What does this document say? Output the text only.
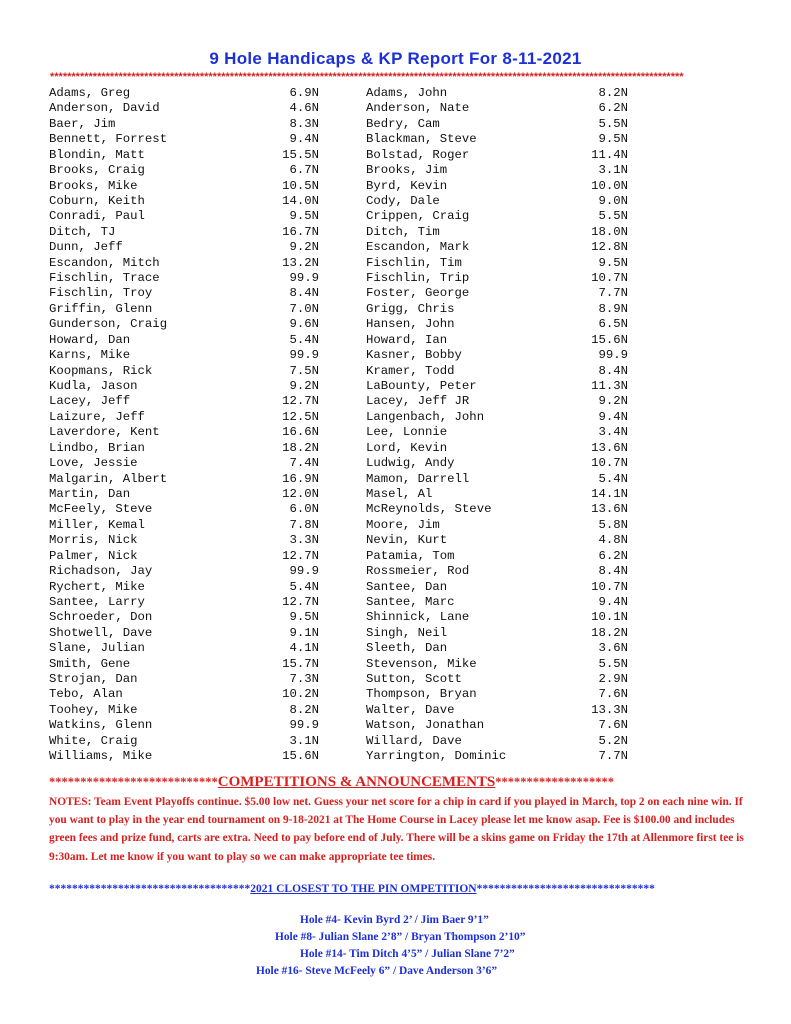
9 Hole Handicaps & KP Report For 8-11-2021
****************************************************************************************************************************************************
Adams, Greg	6.9N
Anderson, David	4.6N
Baer, Jim	8.3N
Bennett, Forrest	9.4N
Blondin, Matt	15.5N
Brooks, Craig	6.7N
Brooks, Mike	10.5N
Coburn, Keith	14.0N
Conradi, Paul	9.5N
Ditch, TJ	16.7N
Dunn, Jeff	9.2N
Escandon, Mitch	13.2N
Fischlin, Trace	99.9
Fischlin, Troy	8.4N
Griffin, Glenn	7.0N
Gunderson, Craig	9.6N
Howard, Dan	5.4N
Karns, Mike	99.9
Koopmans, Rick	7.5N
Kudla, Jason	9.2N
Lacey, Jeff	12.7N
Laizure, Jeff	12.5N
Laverdore, Kent	16.6N
Lindbo, Brian	18.2N
Love, Jessie	7.4N
Malgarin, Albert	16.9N
Martin, Dan	12.0N
McFeely, Steve	6.0N
Miller, Kemal	7.8N
Morris, Nick	3.3N
Palmer, Nick	12.7N
Richadson, Jay	99.9
Rychert, Mike	5.4N
Santee, Larry	12.7N
Schroeder, Don	9.5N
Shotwell, Dave	9.1N
Slane, Julian	4.1N
Smith, Gene	15.7N
Strojan, Dan	7.3N
Tebo, Alan	10.2N
Toohey, Mike	8.2N
Watkins, Glenn	99.9
White, Craig	3.1N
Williams, Mike	15.6N
Adams, John	8.2N
Anderson, Nate	6.2N
Bedry, Cam	5.5N
Blackman, Steve	9.5N
Bolstad, Roger	11.4N
Brooks, Jim	3.1N
Byrd, Kevin	10.0N
Cody, Dale	9.0N
Crippen, Craig	5.5N
Ditch, Tim	18.0N
Escandon, Mark	12.8N
Fischlin, Tim	9.5N
Fischlin, Trip	10.7N
Foster, George	7.7N
Grigg, Chris	8.9N
Hansen, John	6.5N
Howard, Ian	15.6N
Kasner, Bobby	99.9
Kramer, Todd	8.4N
LaBounty, Peter	11.3N
Lacey, Jeff JR	9.2N
Langenbach, John	9.4N
Lee, Lonnie	3.4N
Lord, Kevin	13.6N
Ludwig, Andy	10.7N
Mamon, Darrell	5.4N
Masel, Al	14.1N
McReynolds, Steve	13.6N
Moore, Jim	5.8N
Nevin, Kurt	4.8N
Patamia, Tom	6.2N
Rossmeier, Rod	8.4N
Santee, Dan	10.7N
Santee, Marc	9.4N
Shinnick, Lane	10.1N
Singh, Neil	18.2N
Sleeth, Dan	3.6N
Stevenson, Mike	5.5N
Sutton, Scott	2.9N
Thompson, Bryan	7.6N
Walter, Dave	13.3N
Watson, Jonathan	7.6N
Willard, Dave	5.2N
Yarrington, Dominic	7.7N
***************************COMPETITIONS & ANNOUNCEMENTS*******************
NOTES: Team Event Playoffs continue. $5.00 low net. Guess your net score for a chip in card if you played in March, top 2 on each nine win. If you want to play in the year end tournament on 9-18-2021 at The Home Course in Lacey please let me know asap. Fee is $100.00 and includes green fees and prize fund, carts are extra. Need to pay before end of July. There will be a skins game on Friday the 17th at Allenmore first tee is 9:30am. Let me know if you want to play so we can make appropriate tee times.
***********************************2021 CLOSEST TO THE PIN OMPETITION*******************************
Hole #4- Kevin Byrd 2’ / Jim Baer 9’1”
Hole #8- Julian Slane 2’8” / Bryan Thompson 2’10”
Hole #14- Tim Ditch 4’5” / Julian Slane 7’2”
Hole #16- Steve McFeely 6” / Dave Anderson 3’6”
